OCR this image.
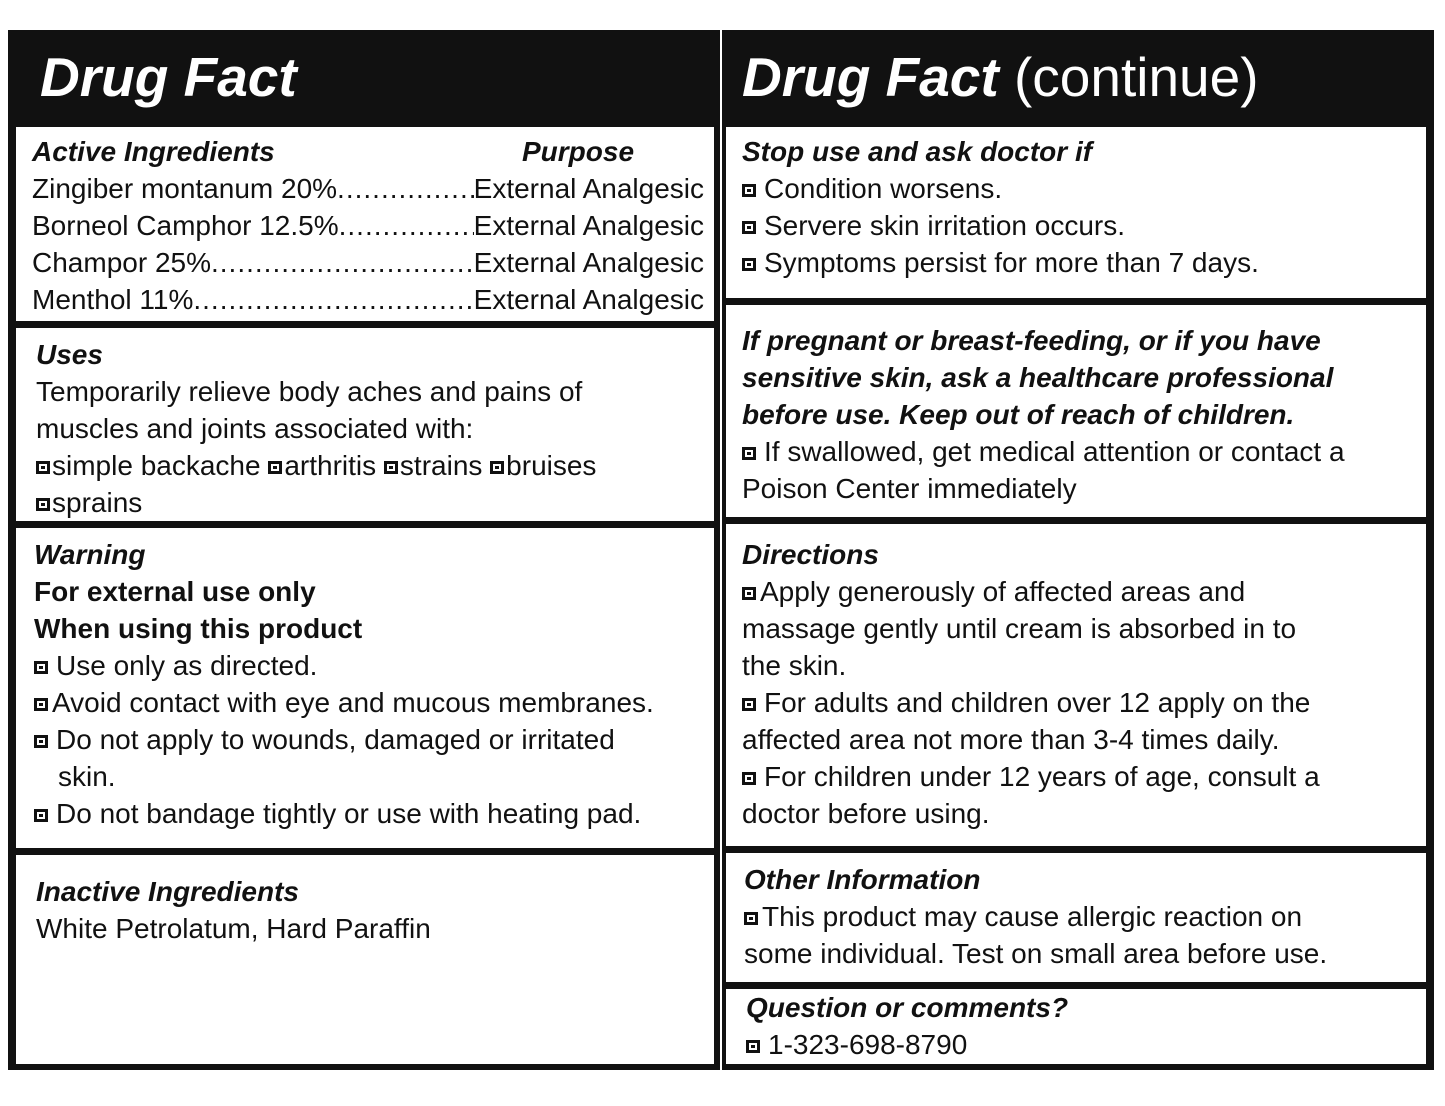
Drug Fact
Active Ingredients	Purpose
Zingiber montanum 20% .....	External Analgesic
Borneol Camphor 12.5% .....	External Analgesic
Champor 25% .....	External Analgesic
Menthol 11% .....	External Analgesic
Uses
Temporarily relieve body aches and pains of muscles and joints associated with:
simple backache arthritis strains bruises
sprains
Warning
For external use only
When using this product
Use only as directed.
Avoid contact with eye and mucous membranes.
Do not apply to wounds, damaged or irritated
skin.
Do not bandage tightly or use with heating pad.
Inactive Ingredients
White Petrolatum, Hard Paraffin
Drug Fact (continue)
Stop use and ask doctor if
Condition worsens.
Servere skin irritation occurs.
Symptoms persist for more than 7 days.
If pregnant or breast-feeding, or if you have
sensitive skin, ask a healthcare professional
before use. Keep out of reach of children.
If swallowed, get medical attention or contact a
Poison Center immediately
Directions
Apply generously of affected areas and
massage gently until cream is absorbed in to
the skin.
For adults and children over 12 apply on the
affected area not more than 3-4 times daily.
For children under 12 years of age, consult a
doctor before using.
Other Information
This product may cause allergic reaction on
some individual. Test on small area before use.
Question or comments?
1-323-698-8790
